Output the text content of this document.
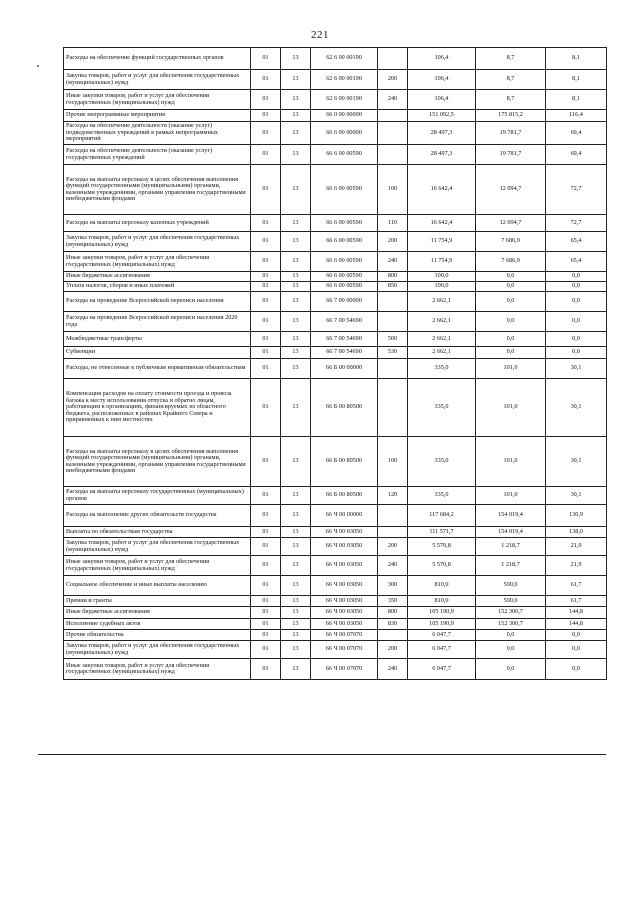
221
Расходы на обеспечение функций государственных органов	01	13	62 6 00 00190		106,4	8,7	8,1
Закупка товаров, работ и услуг для обеспечения государственных (муниципальных) нужд	01	13	62 6 00 00190	200	106,4	8,7	8,1
Иные закупки товаров, работ и услуг для обеспечения государственных (муниципальных) нужд	01	13	62 6 00 00190	240	106,4	8,7	8,1
Прочие непрограммные мероприятия	01	13	66 0 00 00000		151 092,5	175 815,2	116,4
Расходы на обеспечение деятельности (оказание услуг) подведомственных учреждений в рамках непрограммных мероприятий	01	13	66 6 00 00000		28 497,3	19 781,7	69,4
Расходы на обеспечение деятельности (оказание услуг) государственных учреждений	01	13	66 6 00 00590		28 497,3	19 781,7	69,4
Расходы на выплаты персоналу в целях обеспечения выполнения функций государственными (муниципальными) органами, казенными учреждениями, органами управления государственными внебюджетными фондами	01	13	66 6 00 00590	100	16 642,4	12 094,7	72,7
Расходы на выплаты персоналу казенных учреждений	01	13	66 6 00 00590	110	16 642,4	12 094,7	72,7
Закупка товаров, работ и услуг для обеспечения государственных (муниципальных) нужд	01	13	66 6 00 00590	200	11 754,9	7 686,9	65,4
Иные закупки товаров, работ и услуг для обеспечения государственных (муниципальных) нужд	01	13	66 6 00 00590	240	11 754,9	7 686,9	65,4
Иные бюджетные ассигнования	01	13	66 6 00 00590	800	100,0	0,0	0,0
Уплата налогов, сборов и иных платежей	01	13	66 6 00 00590	850	100,0	0,0	0,0
Расходы на проведение Всероссийской переписи населения	01	13	66 7 00 00000		2 662,1	0,0	0,0
Расходы на проведение Всероссийской переписи населения 2020 года	01	13	66 7 00 54690		2 662,1	0,0	0,0
Межбюджетные трансферты	01	13	66 7 00 54690	500	2 662,1	0,0	0,0
Субвенции	01	13	66 7 00 54690	530	2 662,1	0,0	0,0
Расходы, не отнесенные к публичным нормативным обязательствам	01	13	66 Б 00 00000		335,0	101,0	30,1
Компенсация расходов на оплату стоимости проезда и провоза багажа к месту использования отпуска и обратно лицам, работающим в организациях, финансируемых из областного бюджета, расположенных в районах Крайнего Севера и приравненных к ним местностях	01	13	66 Б 00 80500		335,0	101,0	30,1
Расходы на выплаты персоналу в целях обеспечения выполнения функций государственными (муниципальными) органами, казенными учреждениями, органами управления государственными внебюджетными фондами	01	13	66 Б 00 80500	100	335,0	101,0	30,1
Расходы на выплаты персоналу государственных (муниципальных) органов	01	13	66 Б 00 80500	120	335,0	101,0	30,1
Расходы на выполнение других обязательств государства	01	13	66 Ч 00 00000		117 684,2	154 019,4	130,9
Выплаты по обязательствам государства	01	13	66 Ч 00 03050		111 571,7	154 019,4	138,0
Закупка товаров, работ и услуг для обеспечения государственных (муниципальных) нужд	01	13	66 Ч 00 03050	200	5 570,8	1 218,7	21,9
Иные закупки товаров, работ и услуг для обеспечения государственных (муниципальных) нужд	01	13	66 Ч 00 03050	240	5 570,8	1 218,7	21,9
Социальное обеспечение и иные выплаты населению	01	13	66 Ч 00 03050	300	810,0	500,0	61,7
Премии и гранты	01	13	66 Ч 00 03050	350	810,0	500,0	61,7
Иные бюджетные ассигнования	01	13	66 Ч 00 03050	800	105 190,9	152 300,7	144,8
Исполнение судебных актов	01	13	66 Ч 00 03050	830	105 190,9	152 300,7	144,8
Прочие обязательства	01	13	66 Ч 00 07070		6 047,7	0,0	0,0
Закупка товаров, работ и услуг для обеспечения государственных (муниципальных) нужд	01	13	66 Ч 00 07070	200	6 047,7	0,0	0,0
Иные закупки товаров, работ и услуг для обеспечения государственных (муниципальных) нужд	01	13	66 Ч 00 07070	240	6 047,7	0,0	0,0
